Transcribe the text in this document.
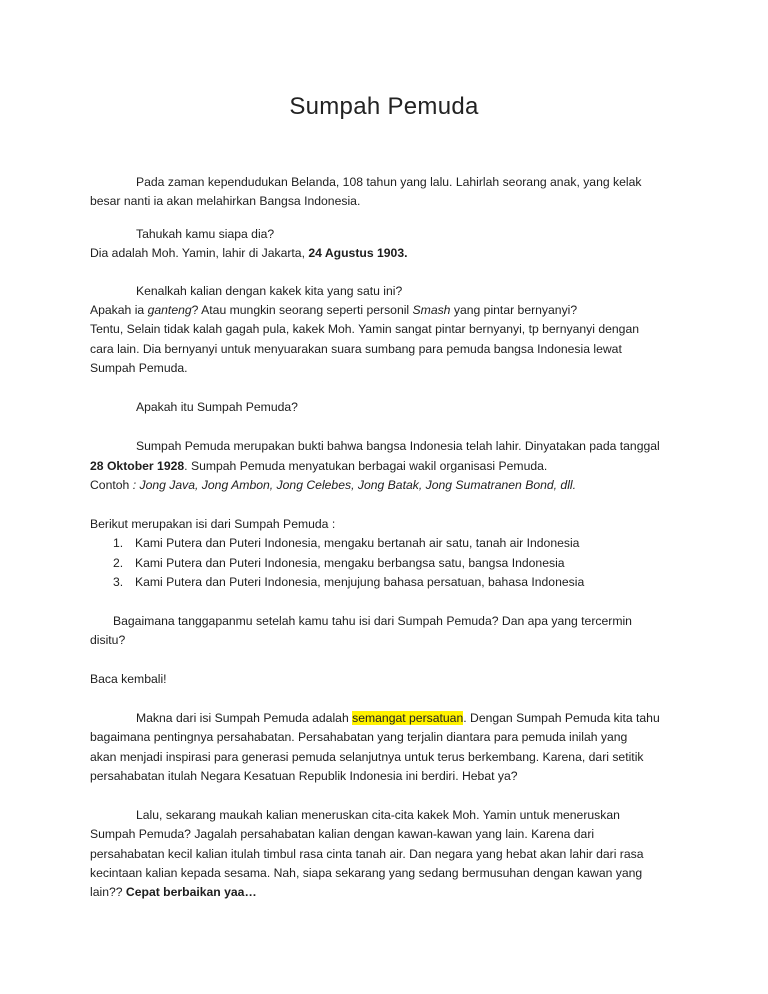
Sumpah Pemuda
Pada zaman kependudukan Belanda, 108 tahun yang lalu. Lahirlah seorang anak, yang kelak
besar nanti ia akan melahirkan Bangsa Indonesia.
Tahukah kamu siapa dia?
Dia adalah Moh. Yamin, lahir di Jakarta, 24 Agustus 1903.
Kenalkah kalian dengan kakek kita yang satu ini?
Apakah ia ganteng? Atau mungkin seorang seperti personil Smash yang pintar bernyanyi?
Tentu, Selain tidak kalah gagah pula, kakek Moh. Yamin sangat pintar bernyanyi, tp bernyanyi dengan
cara lain. Dia bernyanyi untuk menyuarakan suara sumbang para pemuda bangsa Indonesia lewat
Sumpah Pemuda.
Apakah itu Sumpah Pemuda?
Sumpah Pemuda merupakan bukti bahwa bangsa Indonesia telah lahir. Dinyatakan pada tanggal
28 Oktober 1928. Sumpah Pemuda menyatukan berbagai wakil organisasi Pemuda.
Contoh : Jong Java, Jong Ambon, Jong Celebes, Jong Batak, Jong Sumatranen Bond, dll.
Berikut merupakan isi dari Sumpah Pemuda :
1. Kami Putera dan Puteri Indonesia, mengaku bertanah air satu, tanah air Indonesia
2. Kami Putera dan Puteri Indonesia, mengaku berbangsa satu, bangsa Indonesia
3. Kami Putera dan Puteri Indonesia, menjujung bahasa persatuan, bahasa Indonesia
Bagaimana tanggapanmu setelah kamu tahu isi dari Sumpah Pemuda? Dan apa yang tercermin
disitu?
Baca kembali!
Makna dari isi Sumpah Pemuda adalah semangat persatuan. Dengan Sumpah Pemuda kita tahu
bagaimana pentingnya persahabatan. Persahabatan yang terjalin diantara para pemuda inilah yang
akan menjadi inspirasi para generasi pemuda selanjutnya untuk terus berkembang. Karena, dari setitik
persahabatan itulah Negara Kesatuan Republik Indonesia ini berdiri. Hebat ya?
Lalu, sekarang maukah kalian meneruskan cita-cita kakek Moh. Yamin untuk meneruskan
Sumpah Pemuda? Jagalah persahabatan kalian dengan kawan-kawan yang lain. Karena dari
persahabatan kecil kalian itulah timbul rasa cinta tanah air. Dan negara yang hebat akan lahir dari rasa
kecintaan kalian kepada sesama. Nah, siapa sekarang yang sedang bermusuhan dengan kawan yang
lain?? Cepat berbaikan yaa…
